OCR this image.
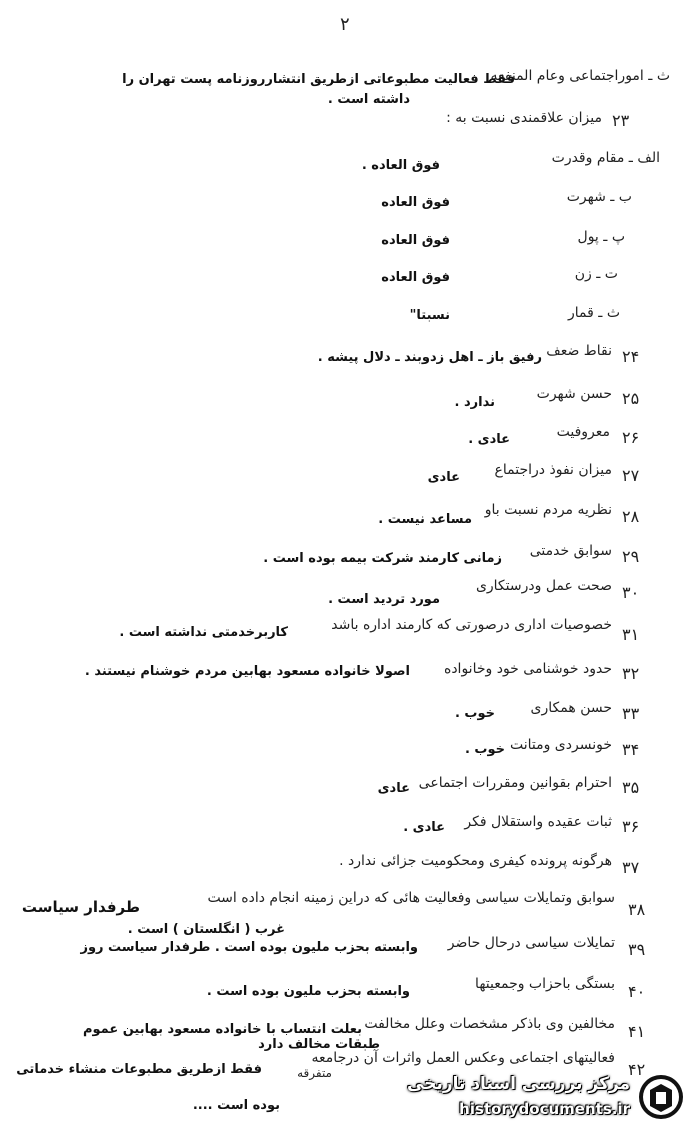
۲
ث ـ اموراجتماعی وعام المنفعه
فقط فعالیت مطبوعاتی ازطریق انتشارروزنامه پست تهران را
داشته است .
۲۳
میزان علاقمندی نسبت به :
الف ـ مقام وقدرت
فوق العاده .
ب ـ شهرت
فوق العاده
پ ـ پول
فوق العاده
ت ـ زن
فوق العاده
ث ـ قمار
نسبتا"
۲۴
نقاط ضعف
رفیق باز ـ اهل زدوبند ـ دلال پیشه .
۲۵
حسن شهرت
ندارد .
۲۶
معروفیت
عادی .
۲۷
میزان نفوذ دراجتماع
عادی
۲۸
نظریه مردم نسبت باو
مساعد نیست .
۲۹
سوابق خدمتی
زمانی کارمند شرکت بیمه بوده است .
۳۰
صحت عمل ودرستکاری
مورد تردید است .
۳۱
خصوصیات اداری درصورتی که کارمند اداره باشد
کاربرخدمتی نداشته است .
۳۲
حدود خوشنامی خود وخانواده
اصولا خانواده مسعود بهابین مردم خوشنام نیستند .
۳۳
حسن همکاری
خوب .
۳۴
خونسردی ومتانت
خوب .
۳۵
احترام بقوانین ومقررات اجتماعی
عادی
۳۶
ثبات عقیده واستقلال فکر
عادی .
۳۷
هرگونه پرونده کیفری ومحکومیت جزائی ندارد .
۳۸
سوابق وتمایلات سیاسی وفعالیت هائی که دراین زمینه انجام داده است
طرفدار سیاست
غرب ( انگلستان ) است .
۳۹
تمایلات سیاسی درحال حاضر
وابسته بحزب ملیون بوده است . طرفدار سیاست روز
۴۰
بستگی باحزاب وجمعیتها
وابسته بحزب ملیون بوده است .
۴۱
مخالفین وی باذکر مشخصات وعلل مخالفت
بعلت انتساب با خانواده مسعود بهابین عموم
طبقات مخالف دارد
۴۲
فعالیتهای اجتماعی وعکس العمل واثرات آن درجامعه
فقط ازطریق مطبوعات منشاء خدماتی	متفرقه
بوده است ....
مرکز بررسی اسناد تاریخی
historydocuments.ir
